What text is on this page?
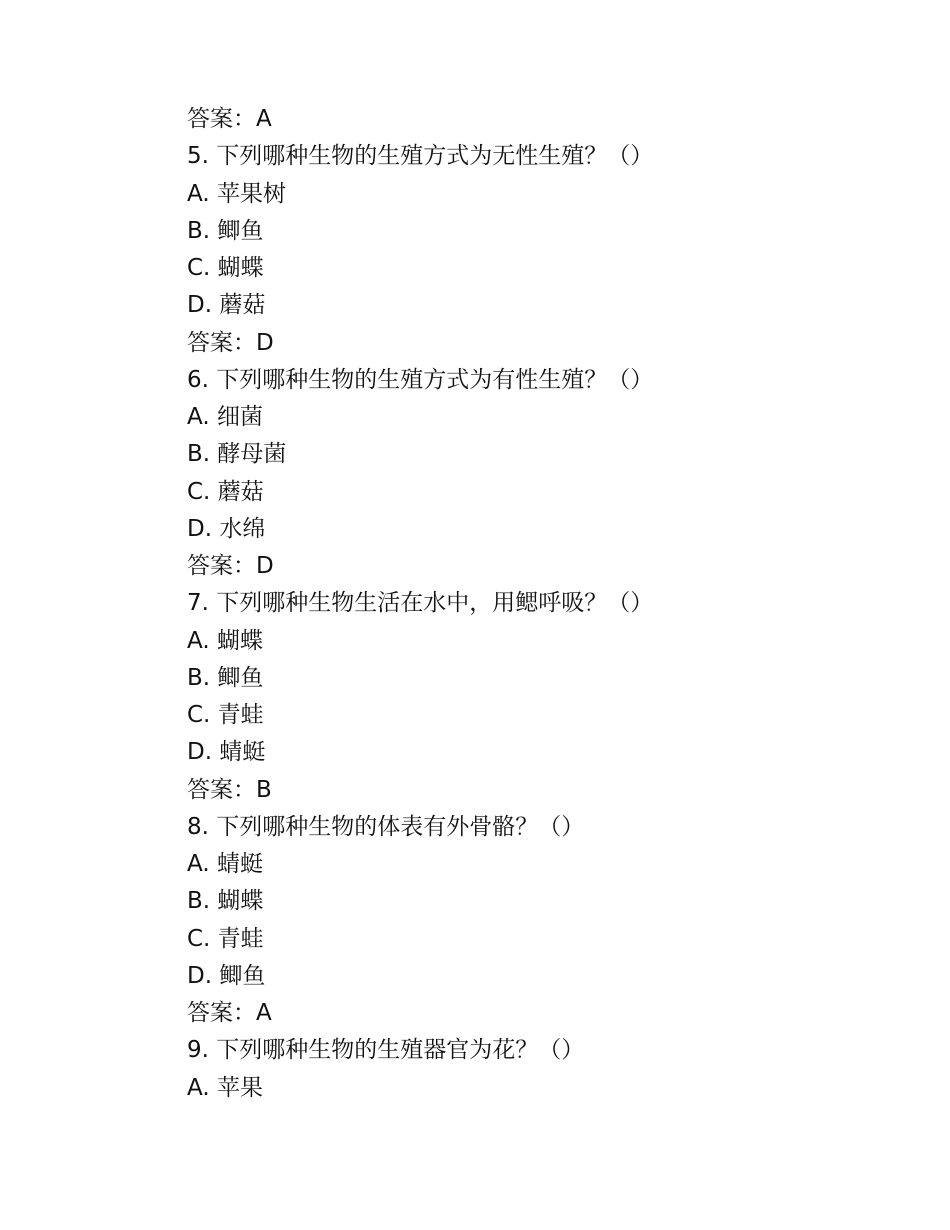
答案：A
5. 下列哪种生物的生殖方式为无性生殖？（）
A. 苹果树
B. 鲫鱼
C. 蝴蝶
D. 蘑菇
答案：D
6. 下列哪种生物的生殖方式为有性生殖？（）
A. 细菌
B. 酵母菌
C. 蘑菇
D. 水绵
答案：D
7. 下列哪种生物生活在水中，用鳃呼吸？（）
A. 蝴蝶
B. 鲫鱼
C. 青蛙
D. 蜻蜓
答案：B
8. 下列哪种生物的体表有外骨骼？（）
A. 蜻蜓
B. 蝴蝶
C. 青蛙
D. 鲫鱼
答案：A
9. 下列哪种生物的生殖器官为花？（）
A. 苹果
